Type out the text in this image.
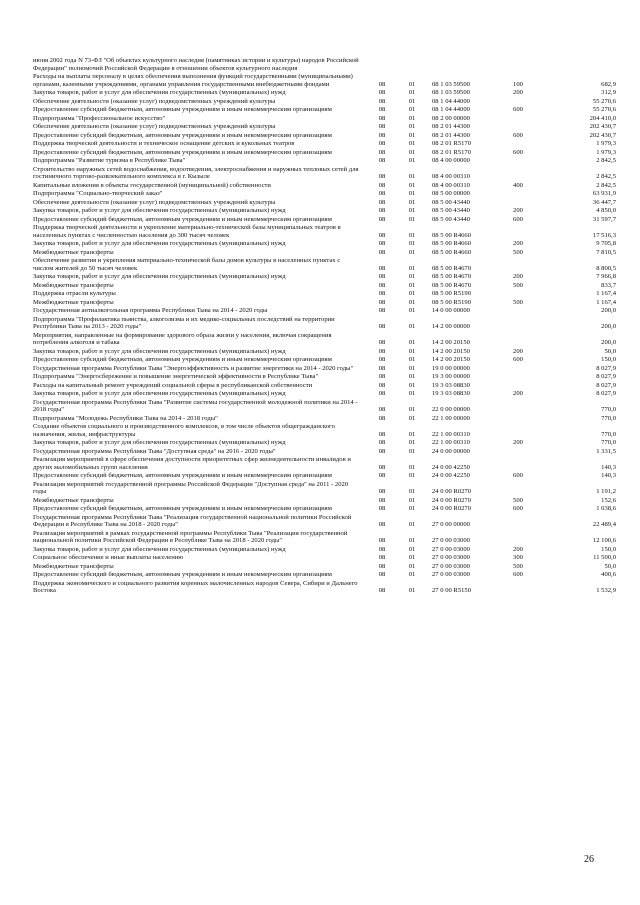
июня 2002 года N 73-ФЗ "Об объектах культурного наследия (памятниках истории и культуры) народов Российской Федерации" полномочий Российской Федерации в отношении объектов культурного наследия					
Расходы на выплаты персоналу в целях обеспечения выполнения функций государственными (муниципальными) органами, казенными учреждениями, органами управления государственными внебюджетными фондами	08	01	08 1 03 59500	100	682,9
Закупка товаров, работ и услуг для обеспечения государственных (муниципальных) нужд	08	01	08 1 03 59500	200	312,9
Обеспечение деятельности (оказание услуг) подведомственных учреждений культуры	08	01	08 1 04 44000		55 270,6
Предоставление субсидий бюджетным, автономным учреждениям и иным некоммерческим организациям	08	01	08 1 04 44000	600	55 270,6
Подпрограмма "Профессиональное искусство"	08	01	08 2 00 00000		204 410,0
Обеспечение деятельности (оказание услуг) подведомственных учреждений культуры	08	01	08 2 01 44300		202 430,7
Предоставление субсидий бюджетным, автономным учреждениям и иным некоммерческим организациям	08	01	08 2 01 44300	600	202 430,7
Поддержка творческой деятельности и техническое оснащение детских и кукольных театров	08	01	08 2 01 R5170		1 979,3
Предоставление субсидий бюджетным, автономным учреждениям и иным некоммерческим организациям	08	01	08 2 01 R5170	600	1 979,3
Подпрограмма "Развитие туризма в Республике Тыва"	08	01	08 4 00 00000		2 842,5
Строительство наружных сетей водоснабжения, водоотведения, электроснабжения и наружных тепловых сетей для гостиничного торгово-развлекательного комплекса в г. Кызыле	08	01	08 4 00 00310		2 842,5
Капитальные вложения в объекты государственной (муниципальной) собственности	08	01	08 4 00 00310	400	2 842,5
Подпрограмма "Социально-творческий заказ"	08	01	08 5 00 00000		63 931,9
Обеспечение деятельности (оказание услуг) подведомственных учреждений культуры	08	01	08 5 00 43440		36 447,7
Закупка товаров, работ и услуг для обеспечения государственных (муниципальных) нужд	08	01	08 5 00 43440	200	4 850,0
Предоставление субсидий бюджетным, автономным учреждениям и иным некоммерческим организациям	08	01	08 5 00 43440	600	31 597,7
Поддержка творческой деятельности и укрепление материально-технической базы муниципальных театров в населенных пунктах с численностью населения до 300 тысяч человек	08	01	08 5 00 R4660		17 516,3
Закупка товаров, работ и услуг для обеспечения государственных (муниципальных) нужд	08	01	08 5 00 R4660	200	9 705,8
Межбюджетные трансферты	08	01	08 5 00 R4660	500	7 810,5
Обеспечение развития и укрепления материально-технической базы домов культуры в населенных пунктах с числом жителей до 50 тысяч человек	08	01	08 5 00 R4670		8 800,5
Закупка товаров, работ и услуг для обеспечения государственных (муниципальных) нужд	08	01	08 5 00 R4670	200	7 966,8
Межбюджетные трансферты	08	01	08 5 00 R4670	500	833,7
Поддержка отрасли культуры	08	01	08 5 00 R5190		1 167,4
Межбюджетные трансферты	08	01	08 5 00 R5190	500	1 167,4
Государственная антиалкогольная программа Республики Тыва на 2014 - 2020 годы	08	01	14 0 00 00000		200,0
Подпрограмма "Профилактика пьянства, алкоголизма и их медико-социальных последствий на территории Республики Тыва на 2013 - 2020 годы"	08	01	14 2 00 00000		200,0
Мероприятия, направленные на формирование здорового образа жизни у населения, включая сокращения потребления алкоголя и табака	08	01	14 2 00 20150		200,0
Закупка товаров, работ и услуг для обеспечения государственных (муниципальных) нужд	08	01	14 2 00 20150	200	50,0
Предоставление субсидий бюджетным, автономным учреждениям и иным некоммерческим организациям	08	01	14 2 00 20150	600	150,0
Государственная программа Республики Тыва "Энергоэффективность и развитие энергетики на 2014 - 2020 годы"	08	01	19 0 00 00000		8 027,9
Подпрограмма "Энергосбережение и повышение энергетической эффективности в Республике Тыва"	08	01	19 3 00 00000		8 027,9
Расходы на капитальный ремонт учреждений социальной сферы в республиканской собственности	08	01	19 3 03 08830		8 027,9
Закупка товаров, работ и услуг для обеспечения государственных (муниципальных) нужд	08	01	19 3 03 08830	200	8 027,9
Государственная программа Республики Тыва "Развитие системы государственной молодежной политики на 2014 - 2018 годы"	08	01	22 0 00 00000		770,0
Подпрограмма "Молодежь Республики Тыва на 2014 - 2018 годы"	08	01	22 1 00 00000		770,0
Создание объектов социального и производственного комплексов, в том числе объектов общегражданского назначения, жилья, инфраструктуры	08	01	22 1 00 00310		770,0
Закупка товаров, работ и услуг для обеспечения государственных (муниципальных) нужд	08	01	22 1 00 00310	200	770,0
Государственная программа Республики Тыва "Доступная среда" на 2016 - 2020 годы"	08	01	24 0 00 00000		1 331,5
Реализация мероприятий в сфере обеспечения доступности приоритетных сфер жизнедеятельности инвалидов и других маломобильных групп населения	08	01	24 0 00 42250		140,3
Предоставление субсидий бюджетным, автономным учреждениям и иным некоммерческим организациям	08	01	24 0 00 42250	600	140,3
Реализация мероприятий государственной программы Российской Федерации "Доступная среда" на 2011 - 2020 годы	08	01	24 0 00 R0270		1 191,2
Межбюджетные трансферты	08	01	24 0 00 R0270	500	152,6
Предоставление субсидий бюджетным, автономным учреждениям и иным некоммерческим организациям	08	01	24 0 00 R0270	600	1 038,6
Государственная программа Республики Тыва "Реализация государственной национальной политики Российской Федерации в Республике Тыва на 2018 - 2020 годы"	08	01	27 0 00 00000		22 489,4
Реализация мероприятий в рамках государственной программы Республики Тыва "Реализация государственной национальной политики Российской Федерации в Республике Тыва на 2018 - 2020 годы"	08	01	27 0 00 03000		12 100,6
Закупка товаров, работ и услуг для обеспечения государственных (муниципальных) нужд	08	01	27 0 00 03000	200	150,0
Социальное обеспечение и иные выплаты населению	08	01	27 0 00 03000	300	11 500,0
Межбюджетные трансферты	08	01	27 0 00 03000	500	50,0
Предоставление субсидий бюджетным, автономным учреждениям и иным некоммерческим организациям	08	01	27 0 00 03000	600	400,6
Поддержка экономического и социального развития коренных малочисленных народов Севера, Сибири и Дальнего Востока	08	01	27 0 00 R5150		1 532,9
26
